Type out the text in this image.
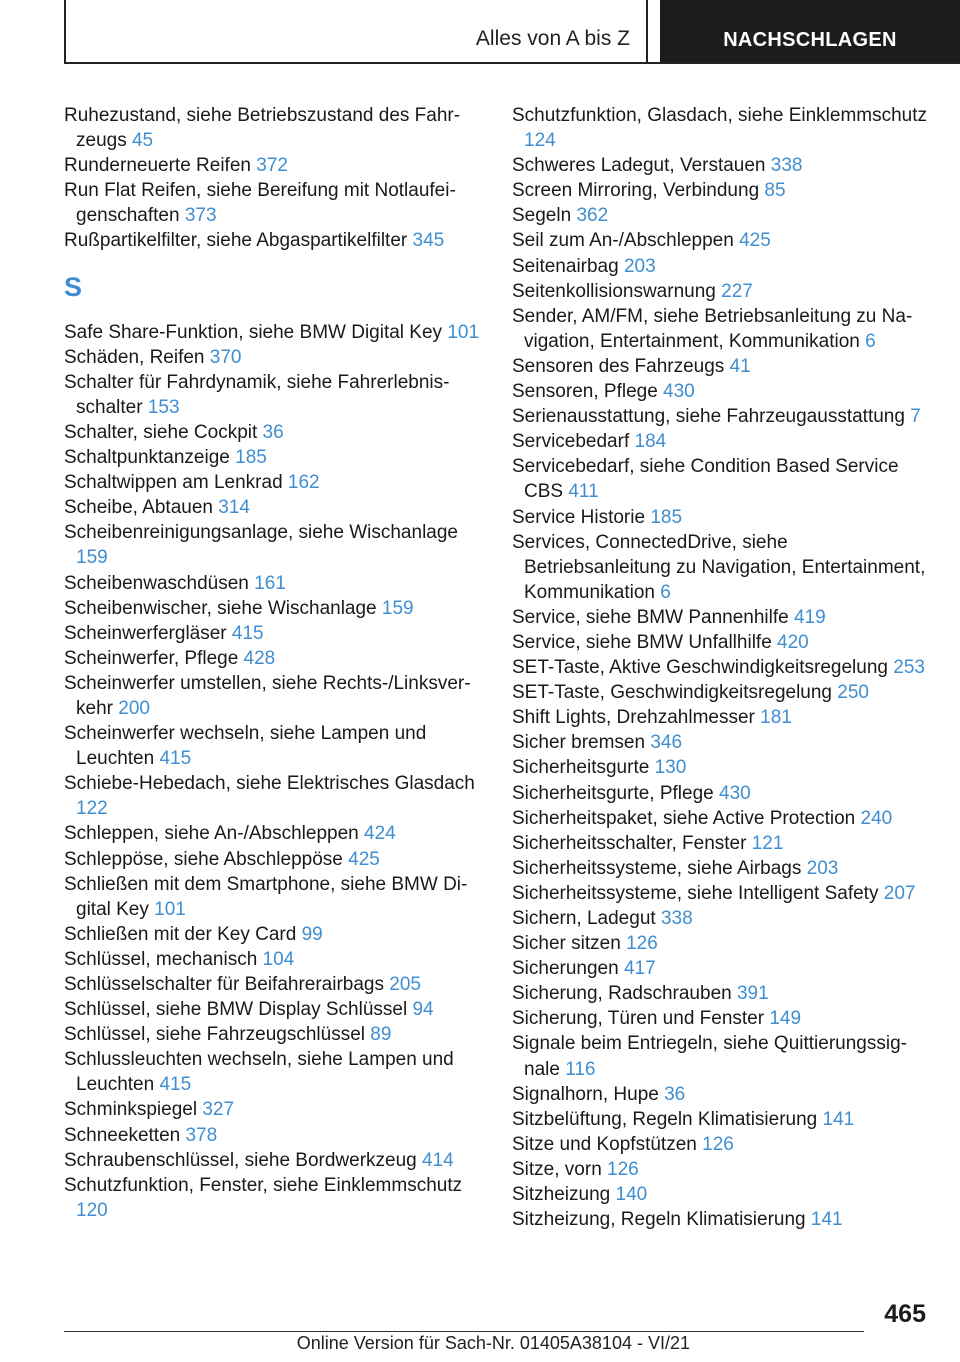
Alles von A bis Z	NACHSCHLAGEN
Ruhezustand, siehe Betriebszustand des Fahrzeugs 45
Runderneuerte Reifen 372
Run Flat Reifen, siehe Bereifung mit Notlaufeigenschaften 373
Rußpartikelfilter, siehe Abgaspartikelfilter 345
S
Safe Share-Funktion, siehe BMW Digital Key 101
Schäden, Reifen 370
Schalter für Fahrdynamik, siehe Fahrerlebnisschalter 153
Schalter, siehe Cockpit 36
Schaltpunktanzeige 185
Schaltwippen am Lenkrad 162
Scheibe, Abtauen 314
Scheibenreinigungsanlage, siehe Wischanlage 159
Scheibenwaschdüsen 161
Scheibenwischer, siehe Wischanlage 159
Scheinwerfergläser 415
Scheinwerfer, Pflege 428
Scheinwerfer umstellen, siehe Rechts-/Linksverkehr 200
Scheinwerfer wechseln, siehe Lampen und Leuchten 415
Schiebe-Hebedach, siehe Elektrisches Glasdach 122
Schleppen, siehe An-/Abschleppen 424
Schleppöse, siehe Abschleppöse 425
Schließen mit dem Smartphone, siehe BMW Digital Key 101
Schließen mit der Key Card 99
Schlüssel, mechanisch 104
Schlüsselschalter für Beifahrerairbags 205
Schlüssel, siehe BMW Display Schlüssel 94
Schlüssel, siehe Fahrzeugschlüssel 89
Schlussleuchten wechseln, siehe Lampen und Leuchten 415
Schminkspiegel 327
Schneeketten 378
Schraubenschlüssel, siehe Bordwerkzeug 414
Schutzfunktion, Fenster, siehe Einklemmschutz 120
Schutzfunktion, Glasdach, siehe Einklemmschutz 124
Schweres Ladegut, Verstauen 338
Screen Mirroring, Verbindung 85
Segeln 362
Seil zum An-/Abschleppen 425
Seitenairbag 203
Seitenkollisionswarnung 227
Sender, AM/FM, siehe Betriebsanleitung zu Navigation, Entertainment, Kommunikation 6
Sensoren des Fahrzeugs 41
Sensoren, Pflege 430
Serienausstattung, siehe Fahrzeugausstattung 7
Servicebedarf 184
Servicebedarf, siehe Condition Based Service CBS 411
Service Historie 185
Services, ConnectedDrive, siehe Betriebsanleitung zu Navigation, Entertainment, Kommunikation 6
Service, siehe BMW Pannenhilfe 419
Service, siehe BMW Unfallhilfe 420
SET-Taste, Aktive Geschwindigkeitsregelung 253
SET-Taste, Geschwindigkeitsregelung 250
Shift Lights, Drehzahlmesser 181
Sicher bremsen 346
Sicherheitsgurte 130
Sicherheitsgurte, Pflege 430
Sicherheitspaket, siehe Active Protection 240
Sicherheitsschalter, Fenster 121
Sicherheitssysteme, siehe Airbags 203
Sicherheitssysteme, siehe Intelligent Safety 207
Sichern, Ladegut 338
Sicher sitzen 126
Sicherungen 417
Sicherung, Radschrauben 391
Sicherung, Türen und Fenster 149
Signale beim Entriegeln, siehe Quittierungssignale 116
Signalhorn, Hupe 36
Sitzbelüftung, Regeln Klimatisierung 141
Sitze und Kopfstützen 126
Sitze, vorn 126
Sitzheizung 140
Sitzheizung, Regeln Klimatisierung 141
465
Online Version für Sach-Nr. 01405A38104 - VI/21
